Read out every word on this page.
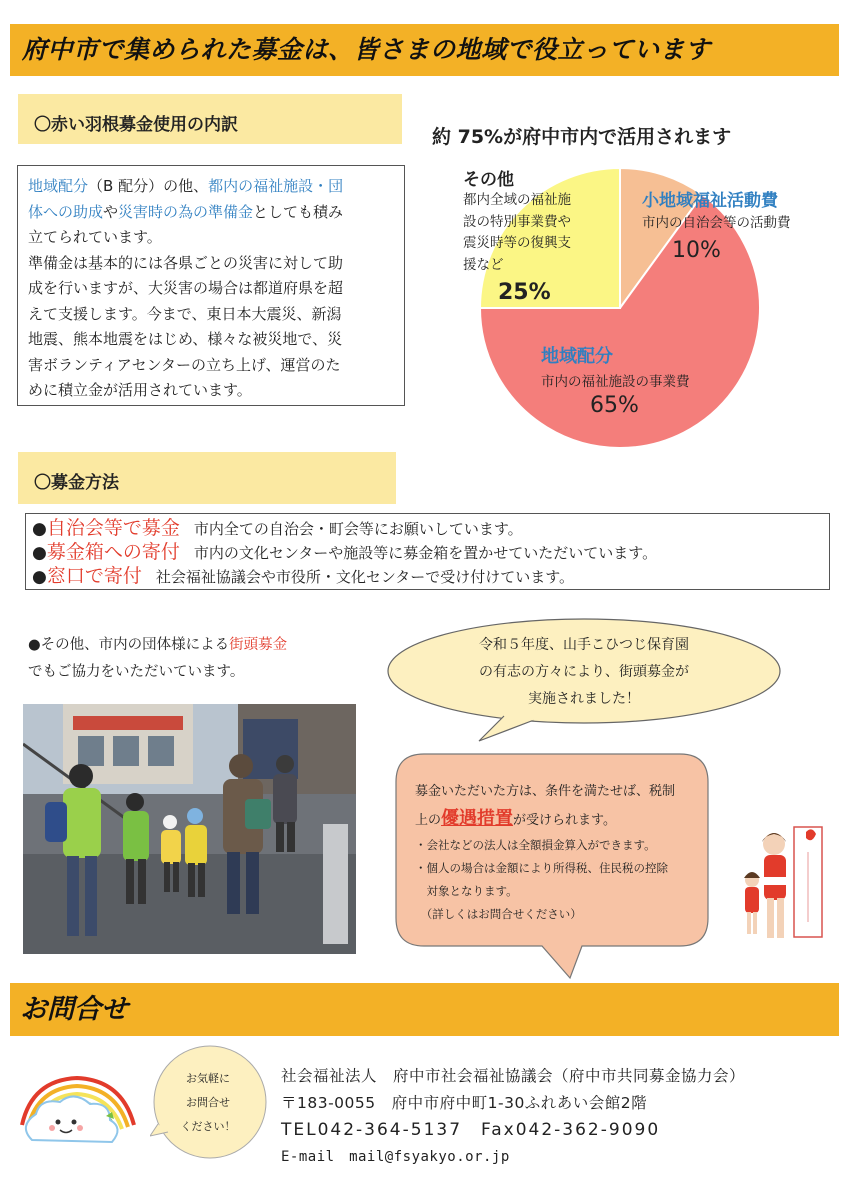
府中市で集められた募金は、皆さまの地域で役立っています
〇赤い羽根募金使用の内訳
地域配分（B 配分）の他、都内の福祉施設・団
体への助成や災害時の為の準備金としても積み
立てられています。
準備金は基本的には各県ごとの災害に対して助
成を行いますが、大災害の場合は都道府県を超
えて支援します。今まで、東日本大震災、新潟
地震、熊本地震をはじめ、様々な被災地で、災
害ボランティアセンターの立ち上げ、運営のた
めに積立金が活用されています。
約 75%が府中市内で活用されます
その他
都内全域の福祉施
設の特別事業費や
震災時等の復興支
援など
25%
小地域福祉活動費
市内の自治会等の活動費
10%
地域配分
市内の福祉施設の事業費
65%
〇募金方法
●自治会等で募金 市内全ての自治会・町会等にお願いしています。
●募金箱への寄付 市内の文化センターや施設等に募金箱を置かせていただいています。
●窓口で寄付 社会福祉協議会や市役所・文化センターで受け付けています。
●その他、市内の団体様による街頭募金
でもご協力をいただいています。
令和５年度、山手こひつじ保育園
の有志の方々により、街頭募金が
実施されました！
募金いただいた方は、条件を満たせば、税制
上の優遇措置が受けられます。
・会社などの法人は全額損金算入ができます。
・個人の場合は金額により所得税、住民税の控除
　対象となります。
　（詳しくはお問合せください）
お問合せ
お気軽に
お問合せ
ください！
社会福祉法人　府中市社会福祉協議会（府中市共同募金協力会）
〒183-0055　府中市府中町1-30ふれあい会館2階
TEL042-364-5137　Fax042-362-9090
E-mail　mail@fsyakyo.or.jp
